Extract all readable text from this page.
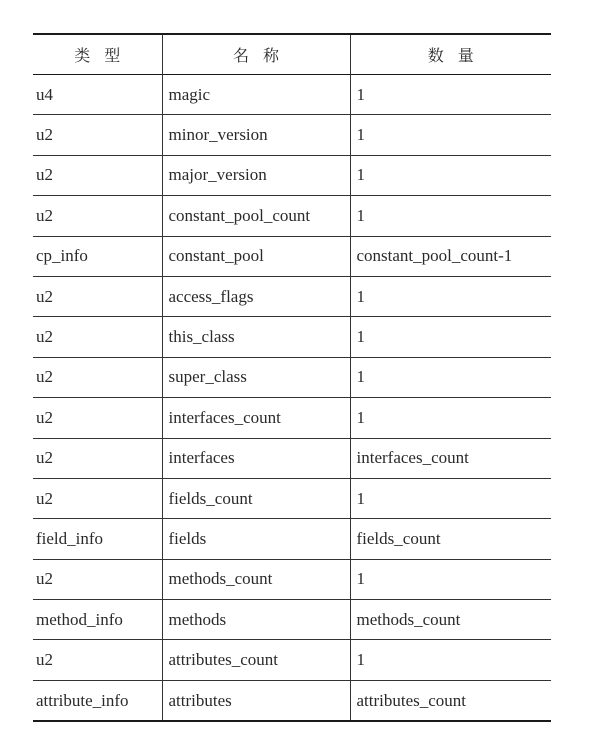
类型	名称	数量
u4	magic	1
u2	minor_version	1
u2	major_version	1
u2	constant_pool_count	1
cp_info	constant_pool	constant_pool_count-1
u2	access_flags	1
u2	this_class	1
u2	super_class	1
u2	interfaces_count	1
u2	interfaces	interfaces_count
u2	fields_count	1
field_info	fields	fields_count
u2	methods_count	1
method_info	methods	methods_count
u2	attributes_count	1
attribute_info	attributes	attributes_count
